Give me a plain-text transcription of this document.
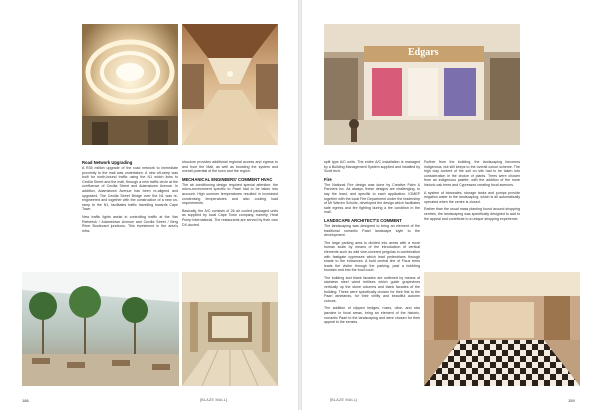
Road Network Upgrading

A R35 million upgrade of the road network to immediate proximity to the mall was undertaken. A new off-ramp was built for north-bound traffic using the N1 which links to Cecilia Street and the mall, through a new traffic circle at the confluence of Cecilia Street and Adamstown Avenue. In addition, Adamstown Avenue has been re-aligned and upgraded. The Cecilia Street Bridge over the N1 was re-engineered and together with the construction of a new on-ramp to the N1, facilitates traffic travelling towards Cape Town.

New traffic lights assist in controlling traffic at the Van Riebeeck / Adamstown Avenue and Cecilia Street / Berg River Boulevard junctions. This investment in the area's infra-

structure provides additional regional access and egress to and from the Mall, as well as boosting the system and overall potential of the town and the region.

MECHANICAL ENGINEERS' COMMENT HVAC

The air conditioning design required special attention: the micro-environment specific to Paarl had to be taken into account. High summer temperatures resulted in increased condensing temperatures and also cooling load requirements.

Basically, the A/C consists of 26 air cooled packaged units as supplied by local Cape Town company, namely, Heat Pump International. The restaurants are served by their own DX-ducted

186	[BLAZE MALL]
Edgars

split type A/C units. The entire A/C installation is managed by a Building Management System supplied and installed by Scott tech.

Fire

The National Fire design was done by Creative Palm & Partners Inc. As always, these designs are challenging, to say the least, and specific to each application. IOMEP together with the local Fire Department under the leadership of Mr Warren Scholtz, developed the design which facilitates safe egress and fire fighting during a fire condition in the mall.

LANDSCAPE ARCHITECT'S COMMENT

The landscaping was designed to bring an element of the traditional romantic Paarl landscape style to the development.

The large parking area is divided into areas with a more human scale by means of the introduction of vertical elements such as wild vine-covered pergolas in combination with fastigate cypresses which lead pedestrians through shade to the entrances. A bold central line of Ficus trees leads the visitor through the parking, past a bubbling fountain and into the food court.

The building and blank facades are softened by means of stainless steel wired trellises which guide grapevines vertically up the stone columns and blank facades of the building. These were specifically chosen for their link to the Paarl winelands, for their virility and beautiful autumn colours.

The addition of clipped hedges, roses, olive, and star jasmine in focal areas, bring an element of the historic, romantic Paarl to the landscaping and were chosen for their appeal to the senses.

Further from the building, the landscaping becomes indigenous, but still keeps to the overall colour scheme. The high clay content of the soil on site had to be taken into consideration in the choice of plants. Trees were chosen from an indigenous palette, with the addition of the more historic oak trees and Cypresses creating focal avenues.

A system of bioswales, storage tanks and pumps provide irrigation water to the landscaping, which is all automatically operated when the centre is closed.

Rather than the usual mass planting found around shopping centres, the landscaping was specifically designed to add to the appeal and contribute to a unique shopping experience.

[BLAZE MALL]	159
